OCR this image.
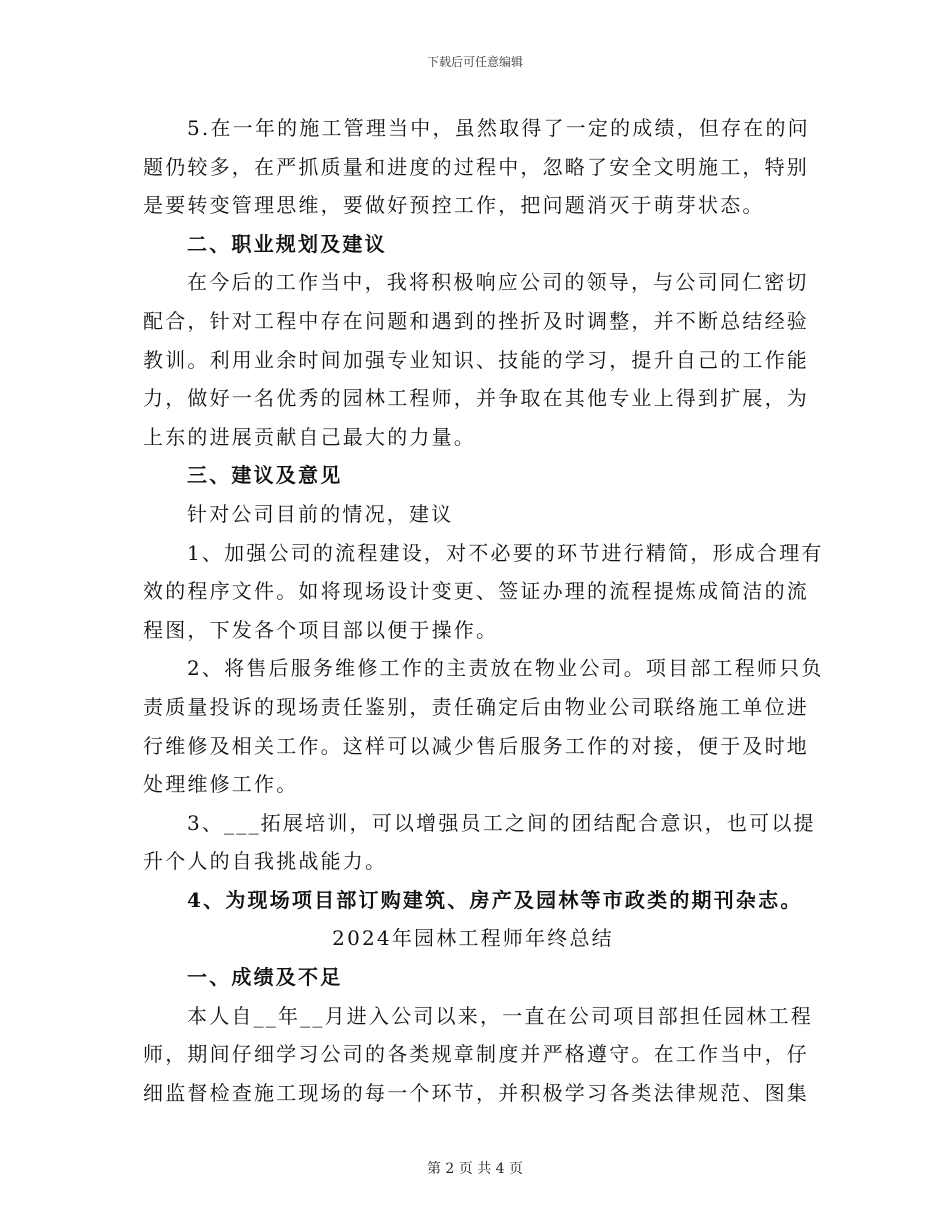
下载后可任意编辑
5.在一年的施工管理当中，虽然取得了一定的成绩，但存在的问
题仍较多，在严抓质量和进度的过程中，忽略了安全文明施工，特别
是要转变管理思维，要做好预控工作，把问题消灭于萌芽状态。
二、职业规划及建议
在今后的工作当中，我将积极响应公司的领导，与公司同仁密切
配合，针对工程中存在问题和遇到的挫折及时调整，并不断总结经验
教训。利用业余时间加强专业知识、技能的学习，提升自己的工作能
力，做好一名优秀的园林工程师，并争取在其他专业上得到扩展，为
上东的进展贡献自己最大的力量。
三、建议及意见
针对公司目前的情况，建议
1、加强公司的流程建设，对不必要的环节进行精简，形成合理有
效的程序文件。如将现场设计变更、签证办理的流程提炼成简洁的流
程图，下发各个项目部以便于操作。
2、将售后服务维修工作的主责放在物业公司。项目部工程师只负
责质量投诉的现场责任鉴别，责任确定后由物业公司联络施工单位进
行维修及相关工作。这样可以减少售后服务工作的对接，便于及时地
处理维修工作。
3、___拓展培训，可以增强员工之间的团结配合意识，也可以提
升个人的自我挑战能力。
4、为现场项目部订购建筑、房产及园林等市政类的期刊杂志。
2024年园林工程师年终总结
一、成绩及不足
本人自__年__月进入公司以来，一直在公司项目部担任园林工程
师，期间仔细学习公司的各类规章制度并严格遵守。在工作当中，仔
细监督检查施工现场的每一个环节，并积极学习各类法律规范、图集
第 2 页 共 4 页
